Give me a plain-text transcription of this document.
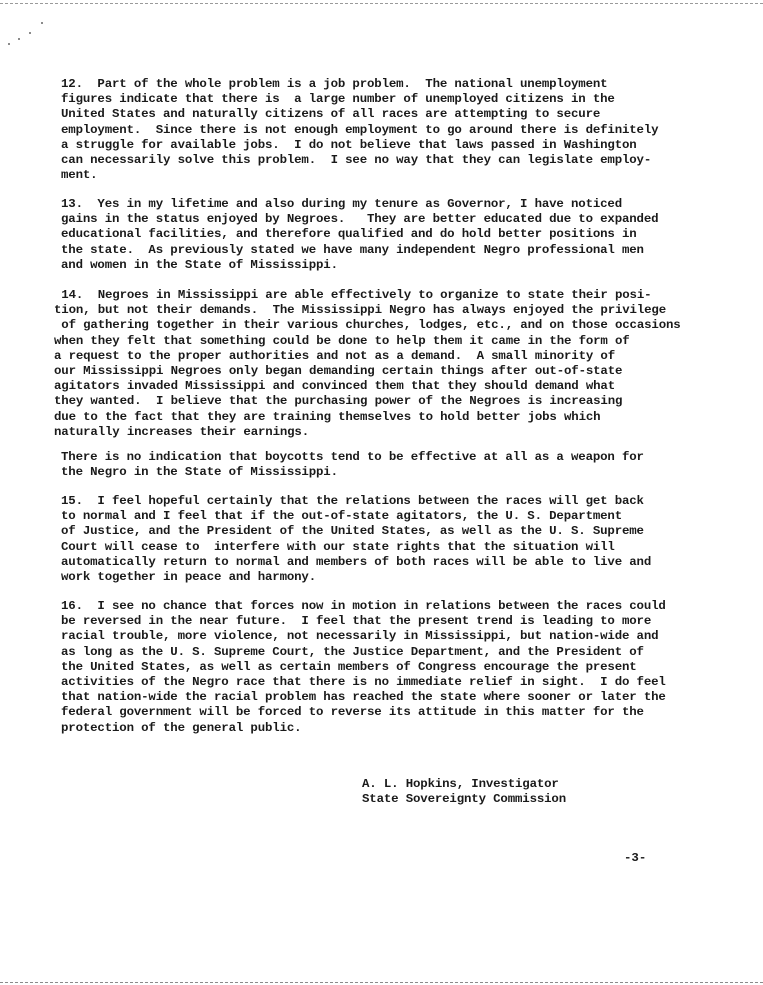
12.  Part of the whole problem is a job problem.  The national unemployment
figures indicate that there is  a large number of unemployed citizens in the
United States and naturally citizens of all races are attempting to secure
employment.  Since there is not enough employment to go around there is definitely
a struggle for available jobs.  I do not believe that laws passed in Washington
can necessarily solve this problem.  I see no way that they can legislate employ-
ment.

13.  Yes in my lifetime and also during my tenure as Governor, I have noticed
gains in the status enjoyed by Negroes.   They are better educated due to expanded
educational facilities, and therefore qualified and do hold better positions in
the state.  As previously stated we have many independent Negro professional men
and women in the State of Mississippi.

14.  Negroes in Mississippi are able effectively to organize to state their posi-
tion, but not their demands.  The Mississippi Negro has always enjoyed the privilege
of gathering together in their various churches, lodges, etc., and on those occasions
when they felt that something could be done to help them it came in the form of
a request to the proper authorities and not as a demand.  A small minority of
our Mississippi Negroes only began demanding certain things after out-of-state
agitators invaded Mississippi and convinced them that they should demand what
they wanted.  I believe that the purchasing power of the Negroes is increasing
due to the fact that they are training themselves to hold better jobs which
naturally increases their earnings.

There is no indication that boycotts tend to be effective at all as a weapon for
the Negro in the State of Mississippi.

15.  I feel hopeful certainly that the relations between the races will get back
to normal and I feel that if the out-of-state agitators, the U. S. Department
of Justice, and the President of the United States, as well as the U. S. Supreme
Court will cease to  interfere with our state rights that the situation will
automatically return to normal and members of both races will be able to live and
work together in peace and harmony.

16.  I see no chance that forces now in motion in relations between the races could
be reversed in the near future.  I feel that the present trend is leading to more
racial trouble, more violence, not necessarily in Mississippi, but nation-wide and
as long as the U. S. Supreme Court, the Justice Department, and the President of
the United States, as well as certain members of Congress encourage the present
activities of the Negro race that there is no immediate relief in sight.  I do feel
that nation-wide the racial problem has reached the state where sooner or later the
federal government will be forced to reverse its attitude in this matter for the
protection of the general public.

A. L. Hopkins, Investigator
State Sovereignty Commission
-3-
